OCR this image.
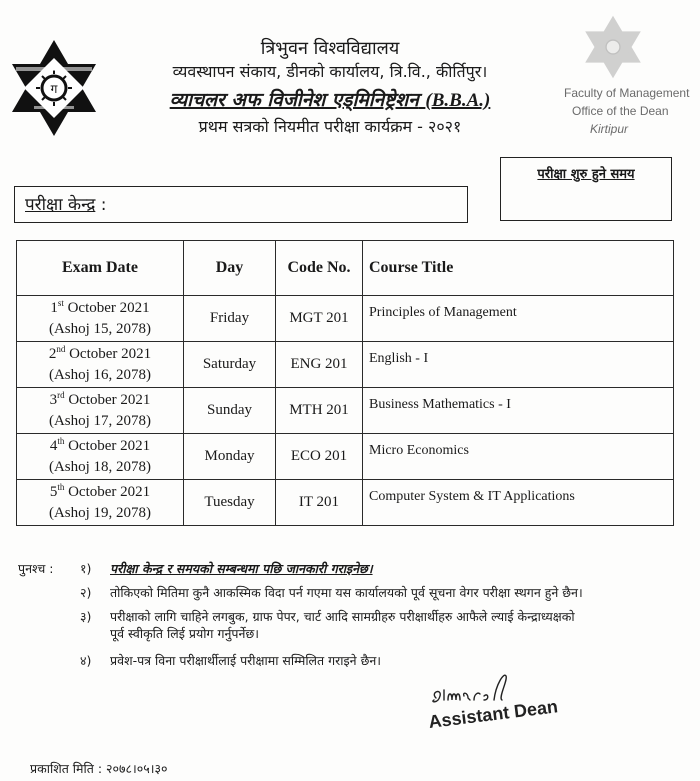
ग
त्रिभुवन विश्वविद्यालय
व्यवस्थापन संकाय, डीनको कार्यालय, त्रि.वि., कीर्तिपुर।
व्याचलर अफ विजीनेश एड्मिनिष्ट्रेशन (B.B.A.)
प्रथम सत्रको नियमीत परीक्षा कार्यक्रम - २०२१
Faculty of Management
Office of the Dean
Kirtipur
परीक्षा केन्द्र :
परीक्षा शुरु हुने समय
Exam Date	Day	Code No.	Course Title

1st October 2021
(Ashoj 15, 2078)	Friday	MGT 201	Principles of Management

2nd October 2021
(Ashoj 16, 2078)	Saturday	ENG 201	English - I

3rd October 2021
(Ashoj 17, 2078)	Sunday	MTH 201	Business Mathematics - I

4th October 2021
(Ashoj 18, 2078)	Monday	ECO 201	Micro Economics

5th October 2021
(Ashoj 19, 2078)	Tuesday	IT 201	Computer System & IT Applications
पुनश्च : १) परीक्षा केन्द्र र समयको सम्बन्धमा पछि जानकारी गराइनेछ।
२) तोकिएको मितिमा कुनै आकस्मिक विदा पर्न गएमा यस कार्यालयको पूर्व सूचना वेगर परीक्षा स्थगन हुने छैन।
३) परीक्षाको लागि चाहिने लगबुक, ग्राफ पेपर, चार्ट आदि सामग्रीहरु परीक्षार्थीहरु आफैले ल्याई केन्द्राध्यक्षको
पूर्व स्वीकृति लिई प्रयोग गर्नुपर्नेछ।
४) प्रवेश-पत्र विना परीक्षार्थीलाई परीक्षामा सम्मिलित गराइने छैन।
Assistant Dean
प्रकाशित मिति : २०७८।०५।३०
